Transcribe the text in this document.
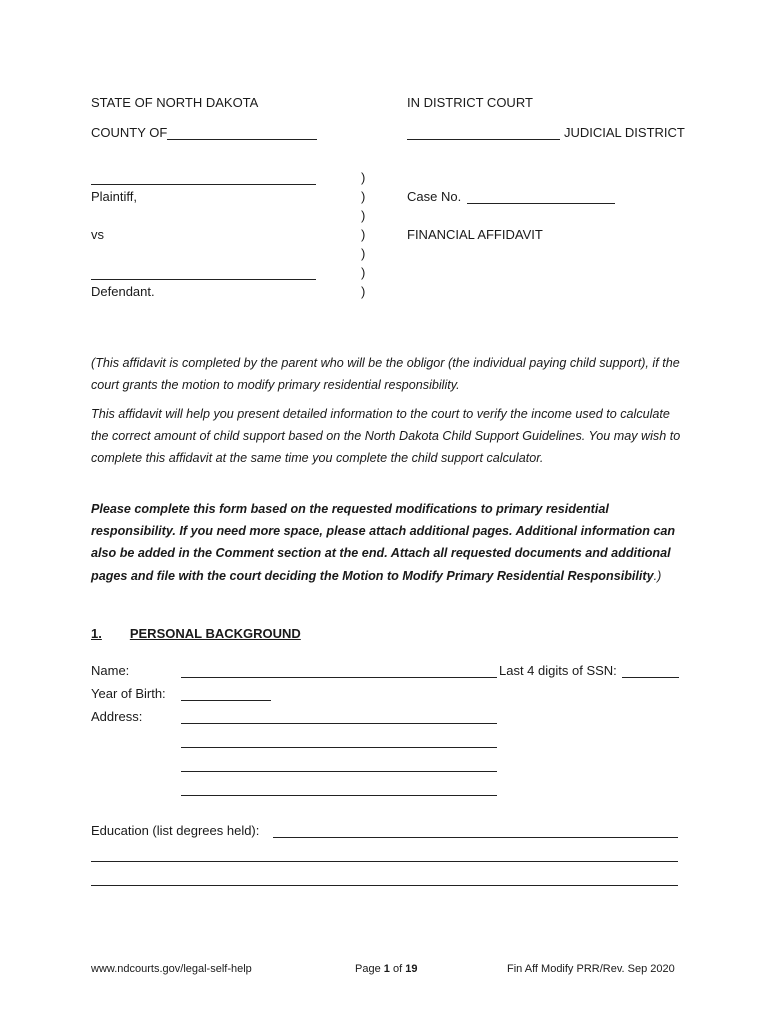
STATE OF NORTH DAKOTA	IN DISTRICT COURT
COUNTY OF	JUDICIAL DISTRICT
Plaintiff,
vs
Defendant.
)
)
)
)
)
)
)
Case No.
FINANCIAL AFFIDAVIT
(This affidavit is completed by the parent who will be the obligor (the individual paying child support), if the court grants the motion to modify primary residential responsibility.
This affidavit will help you present detailed information to the court to verify the income used to calculate the correct amount of child support based on the North Dakota Child Support Guidelines. You may wish to complete this affidavit at the same time you complete the child support calculator.
Please complete this form based on the requested modifications to primary residential responsibility. If you need more space, please attach additional pages. Additional information can also be added in the Comment section at the end. Attach all requested documents and additional pages and file with the court deciding the Motion to Modify Primary Residential Responsibility.)
1. PERSONAL BACKGROUND
Name:	Last 4 digits of SSN:
Year of Birth:
Address:
Education (list degrees held):
www.ndcourts.gov/legal-self-help	Page 1 of 19	Fin Aff Modify PRR/Rev. Sep 2020
